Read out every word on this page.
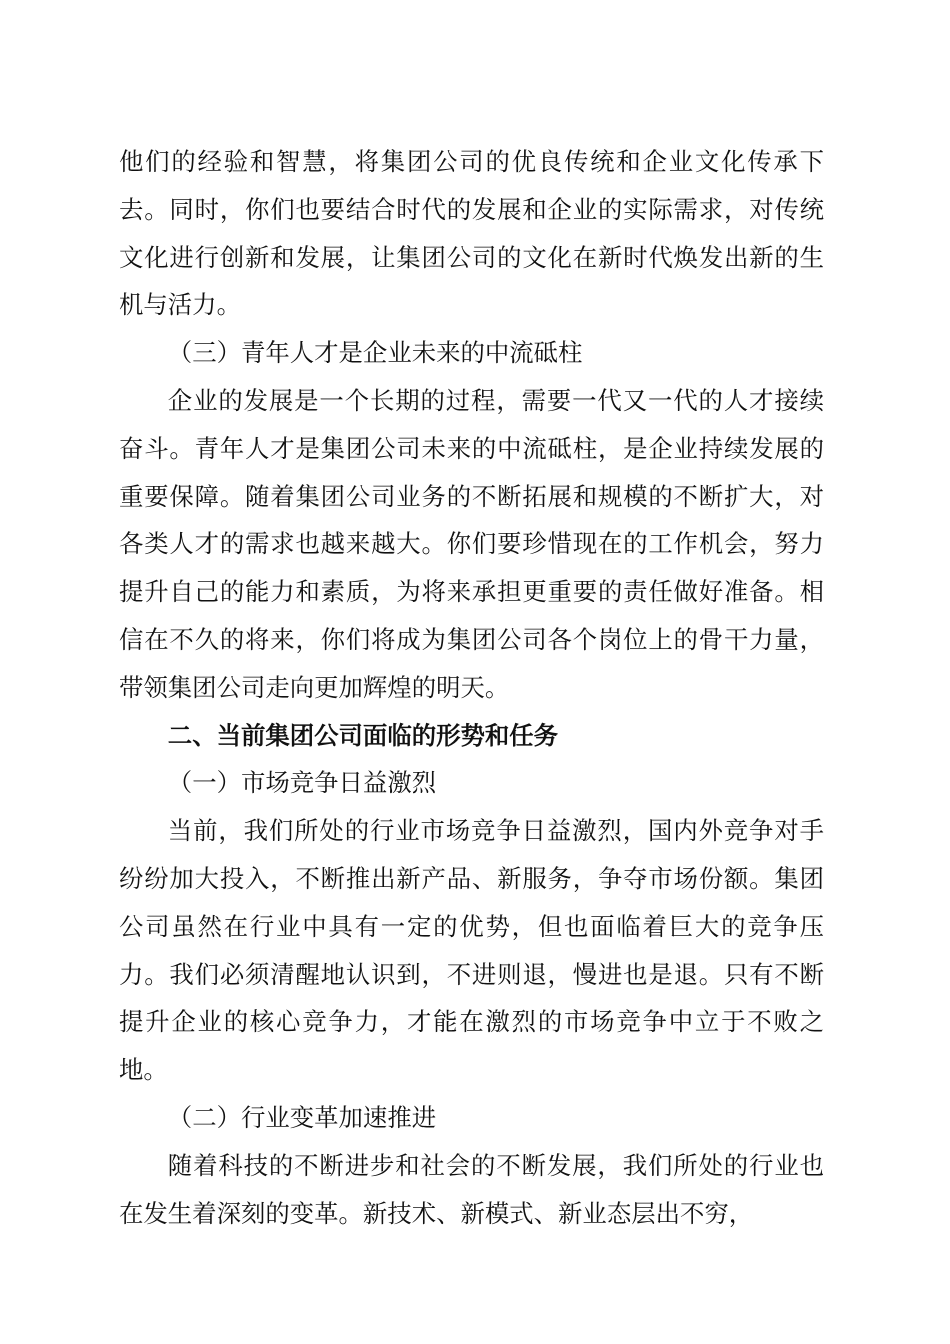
他们的经验和智慧，将集团公司的优良传统和企业文化传承下去。同时，你们也要结合时代的发展和企业的实际需求，对传统文化进行创新和发展，让集团公司的文化在新时代焕发出新的生机与活力。

（三）青年人才是企业未来的中流砥柱

企业的发展是一个长期的过程，需要一代又一代的人才接续奋斗。青年人才是集团公司未来的中流砥柱，是企业持续发展的重要保障。随着集团公司业务的不断拓展和规模的不断扩大，对各类人才的需求也越来越大。你们要珍惜现在的工作机会，努力提升自己的能力和素质，为将来承担更重要的责任做好准备。相信在不久的将来，你们将成为集团公司各个岗位上的骨干力量，带领集团公司走向更加辉煌的明天。

二、当前集团公司面临的形势和任务

（一）市场竞争日益激烈

当前，我们所处的行业市场竞争日益激烈，国内外竞争对手纷纷加大投入，不断推出新产品、新服务，争夺市场份额。集团公司虽然在行业中具有一定的优势，但也面临着巨大的竞争压力。我们必须清醒地认识到，不进则退，慢进也是退。只有不断提升企业的核心竞争力，才能在激烈的市场竞争中立于不败之地。

（二）行业变革加速推进

随着科技的不断进步和社会的不断发展，我们所处的行业也在发生着深刻的变革。新技术、新模式、新业态层出不穷，
